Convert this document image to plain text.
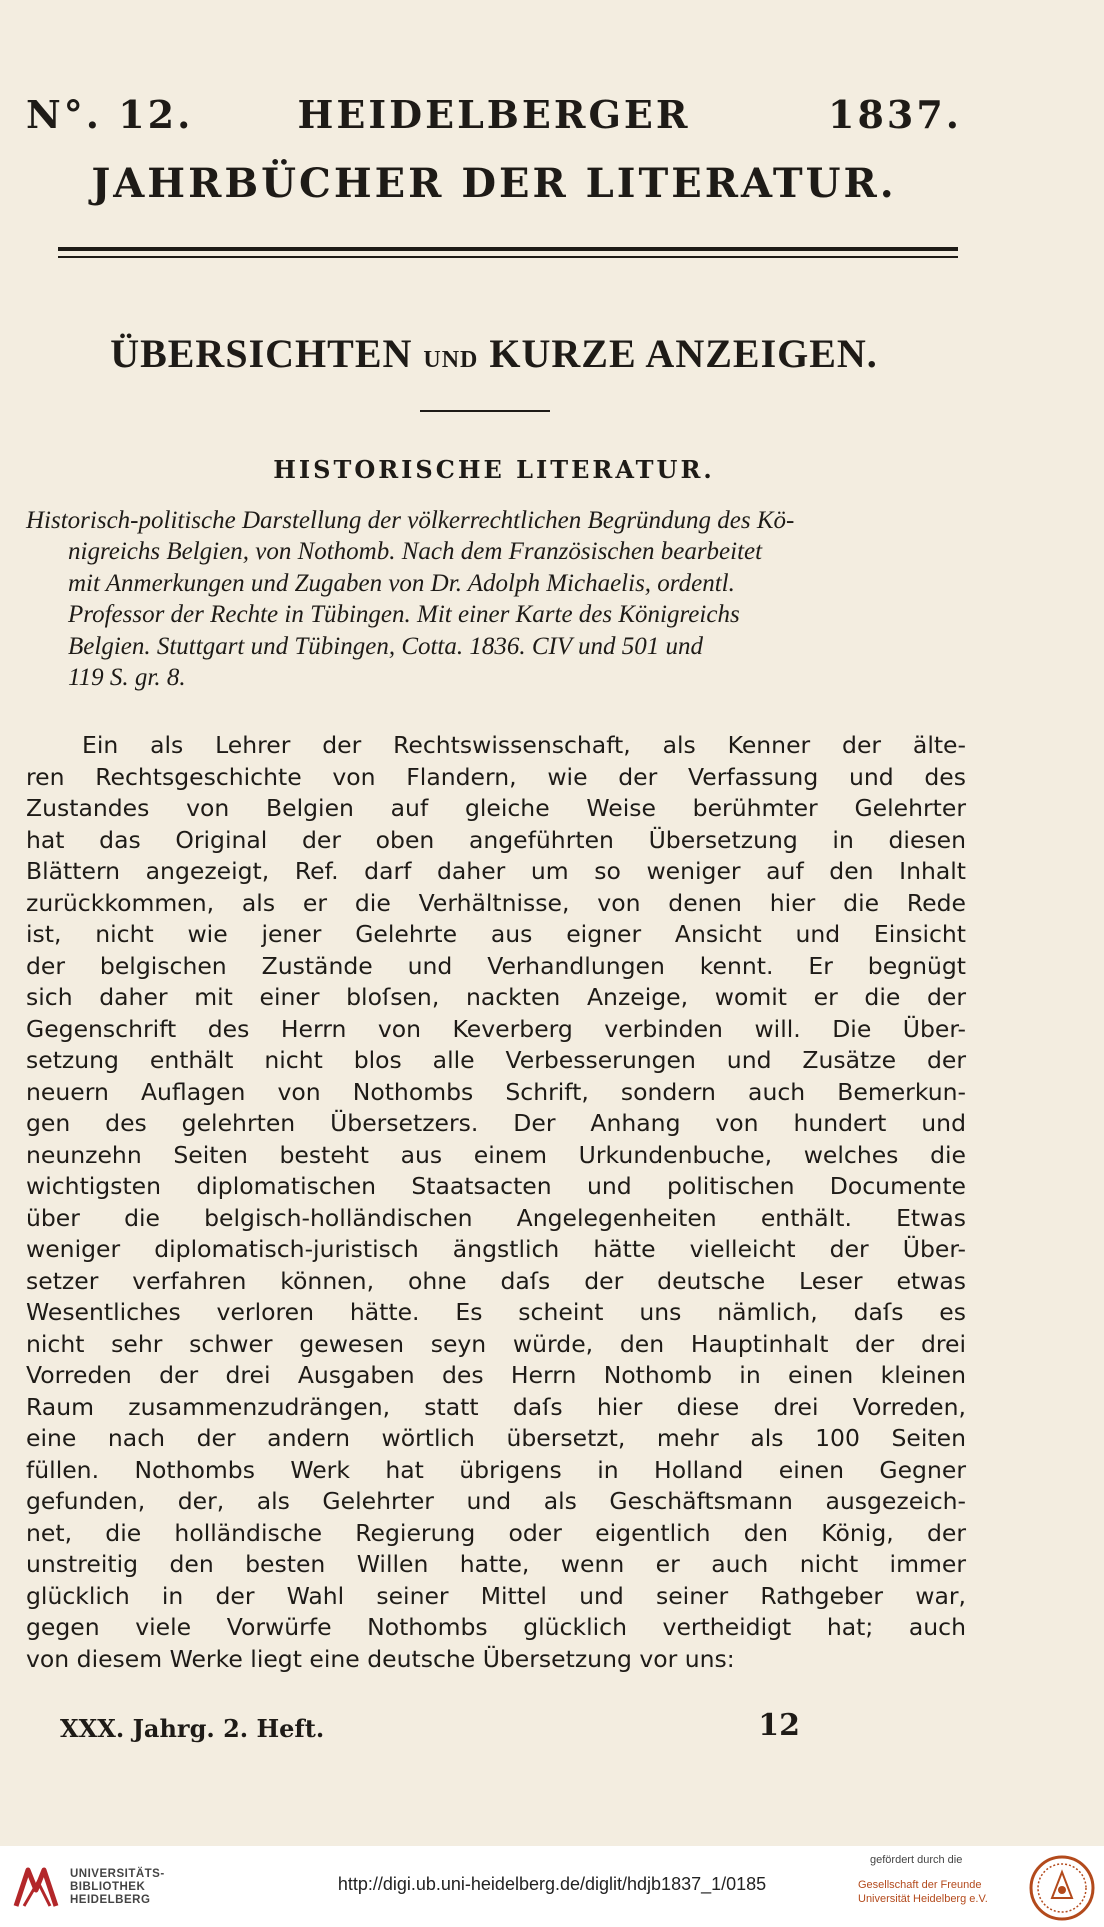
N°. 12.	HEIDELBERGER	1837.
JAHRBÜCHER DER LITERATUR.
ÜBERSICHTEN UND KURZE ANZEIGEN.
HISTORISCHE LITERATUR.
Historisch-politische Darstellung der völkerrechtlichen Begründung des Kö-
nigreichs Belgien, von Nothomb. Nach dem Französischen bearbeitet
mit Anmerkungen und Zugaben von Dr. Adolph Michaelis, ordentl.
Professor der Rechte in Tübingen. Mit einer Karte des Königreichs
Belgien. Stuttgart und Tübingen, Cotta. 1836. CIV und 501 und
119 S. gr. 8.
Ein als Lehrer der Rechtswissenschaft, als Kenner der älte-
ren Rechtsgeschichte von Flandern, wie der Verfassung und des
Zustandes von Belgien auf gleiche Weise berühmter Gelehrter
hat das Original der oben angeführten Übersetzung in diesen
Blättern angezeigt, Ref. darf daher um so weniger auf den Inhalt
zurückkommen, als er die Verhältnisse, von denen hier die Rede
ist, nicht wie jener Gelehrte aus eigner Ansicht und Einsicht
der belgischen Zustände und Verhandlungen kennt. Er begnügt
sich daher mit einer bloſsen, nackten Anzeige, womit er die der
Gegenschrift des Herrn von Keverberg verbinden will. Die Über-
setzung enthält nicht blos alle Verbesserungen und Zusätze der
neuern Auflagen von Nothombs Schrift, sondern auch Bemerkun-
gen des gelehrten Übersetzers. Der Anhang von hundert und
neunzehn Seiten besteht aus einem Urkundenbuche, welches die
wichtigsten diplomatischen Staatsacten und politischen Documente
über die belgisch-holländischen Angelegenheiten enthält. Etwas
weniger diplomatisch-juristisch ängstlich hätte vielleicht der Über-
setzer verfahren können, ohne daſs der deutsche Leser etwas
Wesentliches verloren hätte. Es scheint uns nämlich, daſs es
nicht sehr schwer gewesen seyn würde, den Hauptinhalt der drei
Vorreden der drei Ausgaben des Herrn Nothomb in einen kleinen
Raum zusammenzudrängen, statt daſs hier diese drei Vorreden,
eine nach der andern wörtlich übersetzt, mehr als 100 Seiten
füllen. Nothombs Werk hat übrigens in Holland einen Gegner
gefunden, der, als Gelehrter und als Geschäftsmann ausgezeich-
net, die holländische Regierung oder eigentlich den König, der
unstreitig den besten Willen hatte, wenn er auch nicht immer
glücklich in der Wahl seiner Mittel und seiner Rathgeber war,
gegen viele Vorwürfe Nothombs glücklich vertheidigt hat; auch
von diesem Werke liegt eine deutsche Übersetzung vor uns:
XXX. Jahrg. 2. Heft.	12
UNIVERSITÄTS-
BIBLIOTHEK
HEIDELBERG
http://digi.ub.uni-heidelberg.de/diglit/hdjb1837_1/0185
gefördert durch die
Gesellschaft der Freunde
Universität Heidelberg e.V.
